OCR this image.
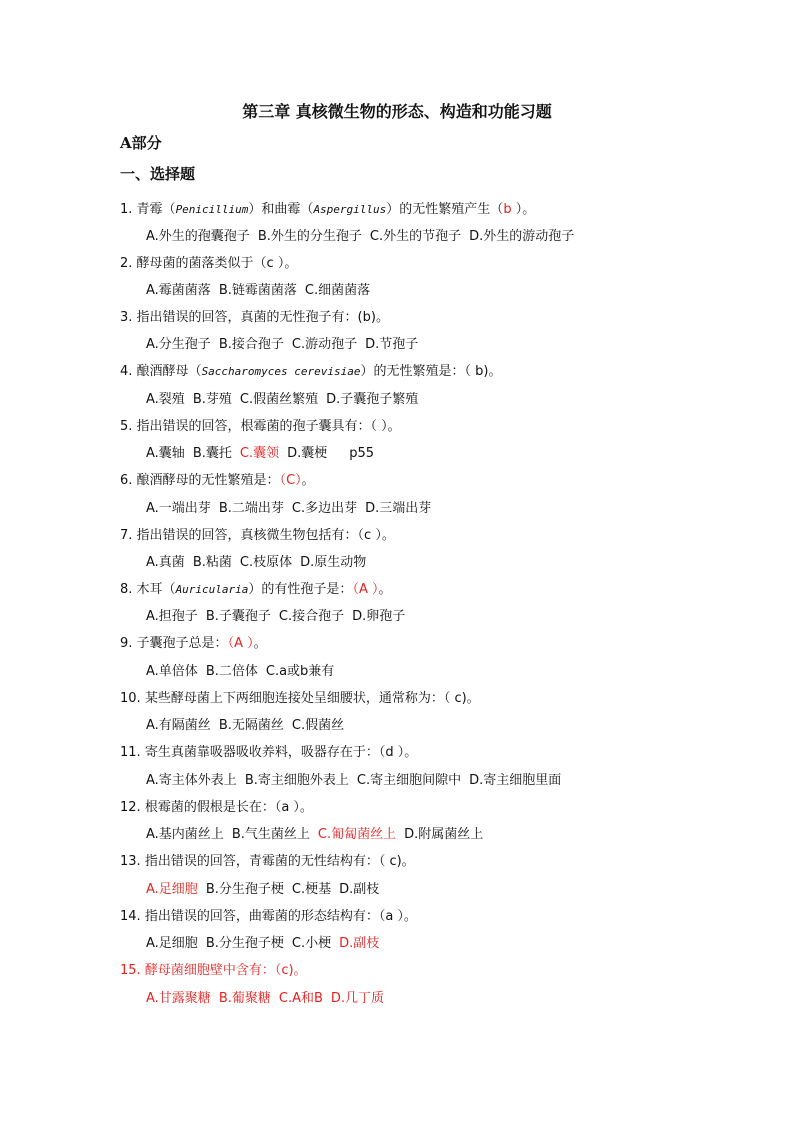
第三章 真核微生物的形态、构造和功能习题
A部分
一、选择题
1. 青霉（Penicillium）和曲霉（Aspergillus）的无性繁殖产生（b ）。
A.外生的孢囊孢子 B.外生的分生孢子 C.外生的节孢子 D.外生的游动孢子
2. 酵母菌的菌落类似于（c ）。
A.霉菌菌落 B.链霉菌菌落 C.细菌菌落
3. 指出错误的回答，真菌的无性孢子有：(b)。
A.分生孢子 B.接合孢子 C.游动孢子 D.节孢子
4. 酿酒酵母（Saccharomyces cerevisiae）的无性繁殖是：（ b)。
A.裂殖 B.芽殖 C.假菌丝繁殖 D.子囊孢子繁殖
5. 指出错误的回答，根霉菌的孢子囊具有：（ ）。
A.囊轴 B.囊托 C.囊领 D.囊梗 p55
6. 酿酒酵母的无性繁殖是：（C）。
A.一端出芽 B.二端出芽 C.多边出芽 D.三端出芽
7. 指出错误的回答，真核微生物包括有：（c ）。
A.真菌 B.粘菌 C.枝原体 D.原生动物
8. 木耳（Auricularia）的有性孢子是：（A ）。
A.担孢子 B.子囊孢子 C.接合孢子 D.卵孢子
9. 子囊孢子总是：（A ）。
A.单倍体 B.二倍体 C.a或b兼有
10. 某些酵母菌上下两细胞连接处呈细腰状，通常称为：（ c)。
A.有隔菌丝 B.无隔菌丝 C.假菌丝
11. 寄生真菌靠吸器吸收养料，吸器存在于：（d ）。
A.寄主体外表上 B.寄主细胞外表上 C.寄主细胞间隙中 D.寄主细胞里面
12. 根霉菌的假根是长在：（a ）。
A.基内菌丝上 B.气生菌丝上 C.匍匐菌丝上 D.附属菌丝上
13. 指出错误的回答，青霉菌的无性结构有：（ c)。
A.足细胞 B.分生孢子梗 C.梗基 D.副枝
14. 指出错误的回答，曲霉菌的形态结构有：（a ）。
A.足细胞 B.分生孢子梗 C.小梗 D.副枝
15. 酵母菌细胞壁中含有：（c)。
A.甘露聚糖 B.葡聚糖 C.A和B D.几丁质
